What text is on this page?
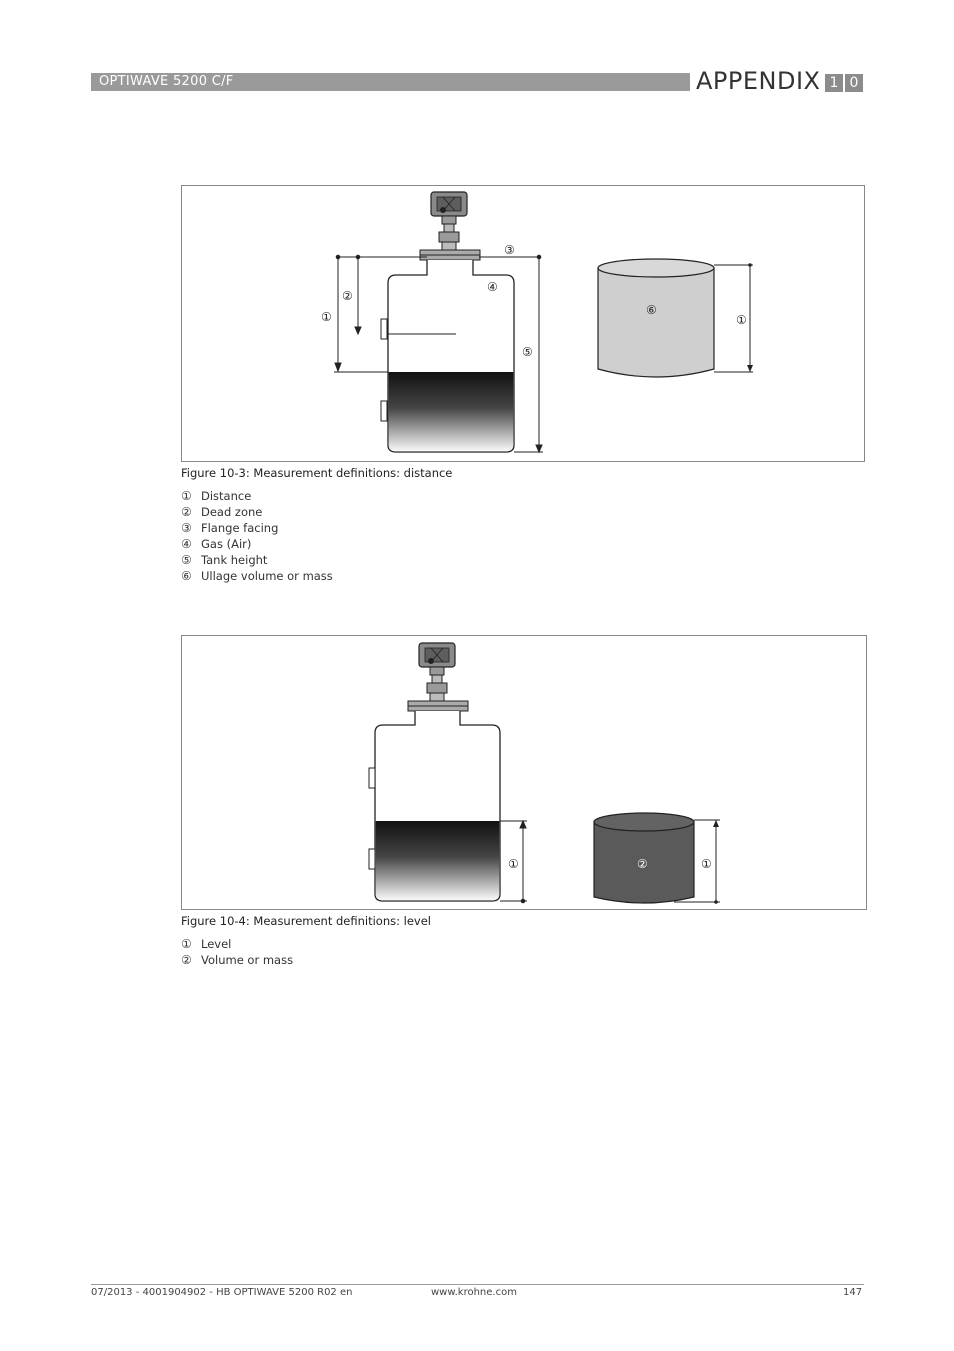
OPTIWAVE 5200 C/F	APPENDIX 1 0
①
②
③
④
⑤
⑥
①
Figure 10-3: Measurement definitions: distance
① Distance
② Dead zone
③ Flange facing
④ Gas (Air)
⑤ Tank height
⑥ Ullage volume or mass
①	②	①
Figure 10-4: Measurement definitions: level
① Level
② Volume or mass
07/2013 - 4001904902 - HB OPTIWAVE 5200 R02 en	www.krohne.com	147
